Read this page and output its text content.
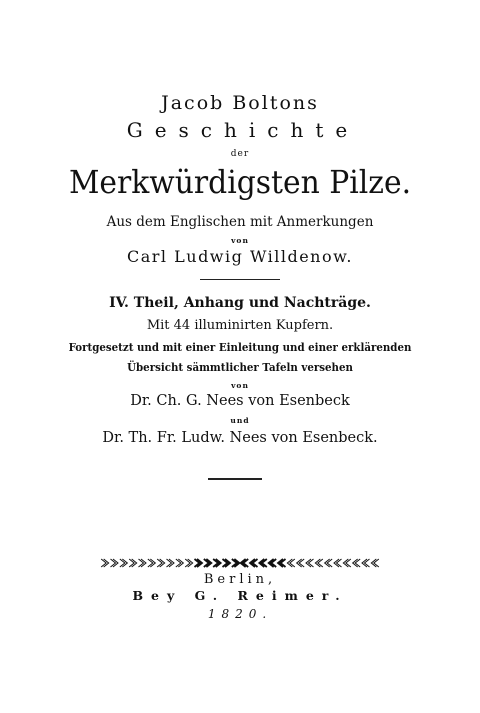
Jacob Boltons
Geschichte
der
Merkwürdigsten Pilze.
Aus dem Englischen mit Anmerkungen
von
Carl Ludwig Willdenow.
IV. Theil, Anhang und Nachträge.
Mit 44 illuminirten Kupfern.
Fortgesetzt und mit einer Einleitung und einer erklärenden
Übersicht sämmtlicher Tafeln versehen
von
Dr. Ch. G. Nees von Esenbeck
und
Dr. Th. Fr. Ludw. Nees von Esenbeck.
Berlin,
Bey G. Reimer.
1820.
